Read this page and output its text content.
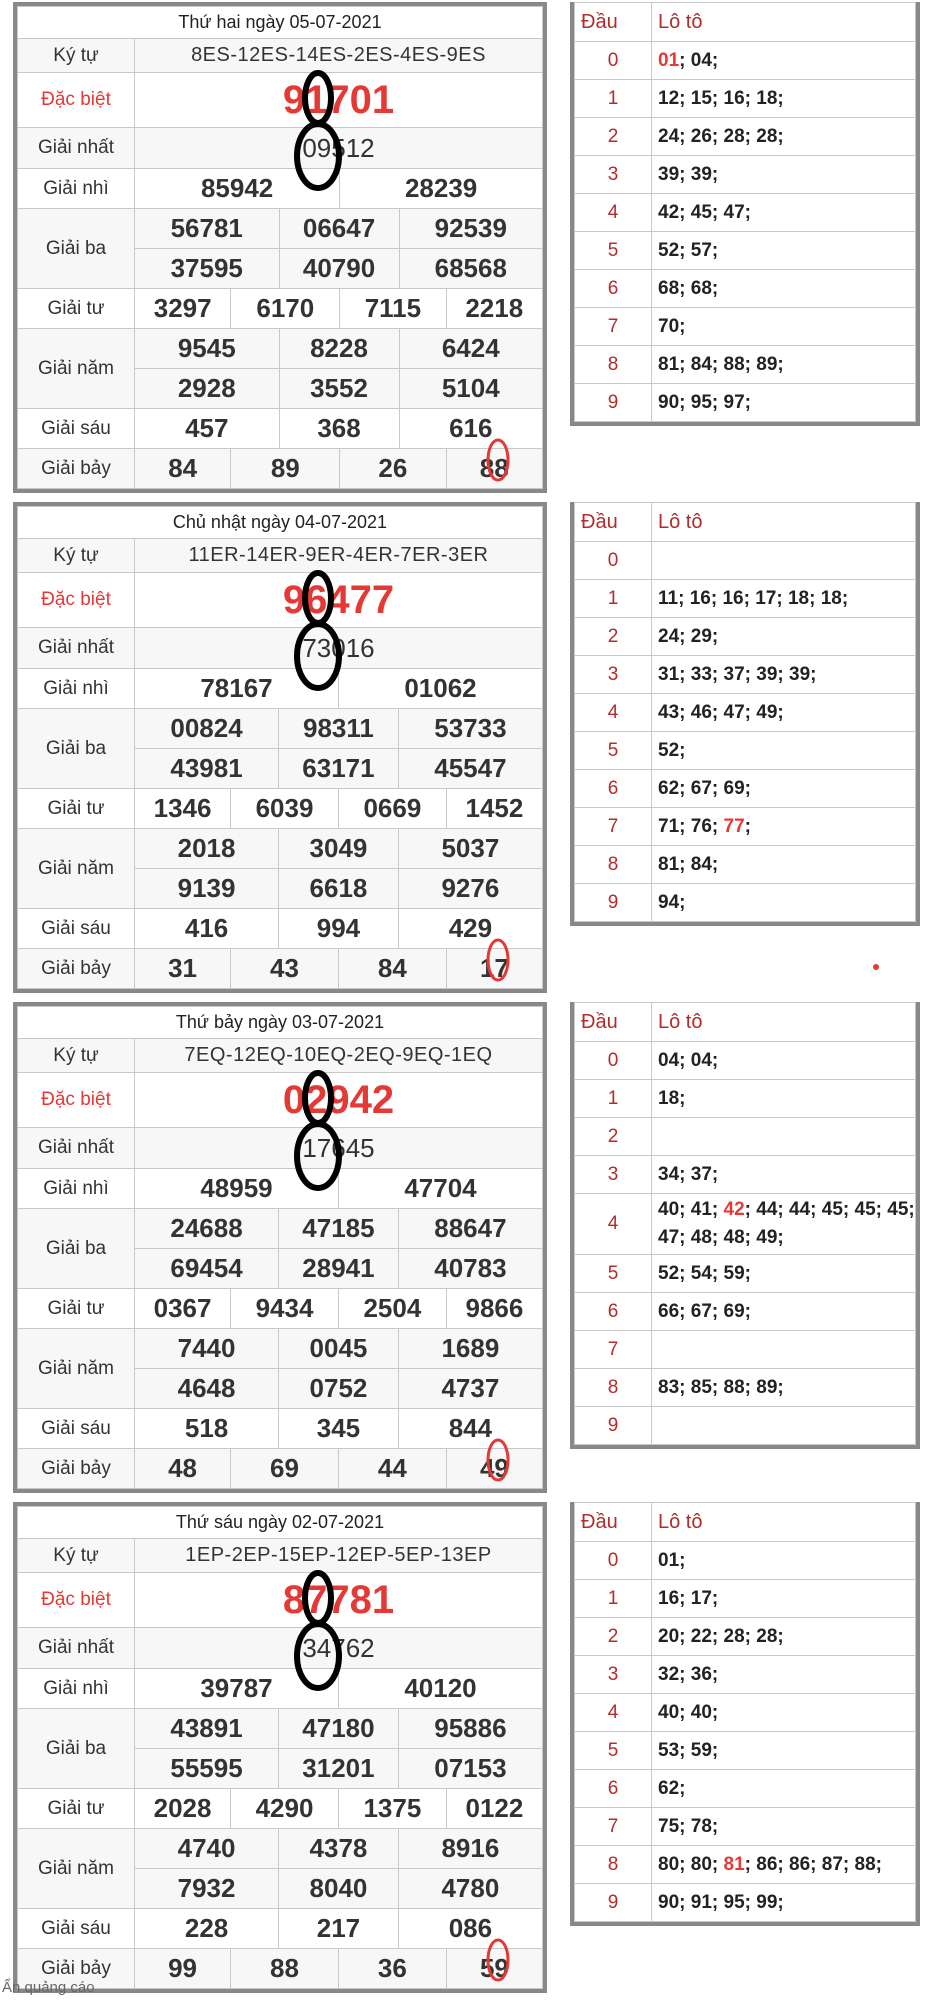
Thứ hai ngày 05-07-2021						
Ký tự	8ES-12ES-14ES-2ES-4ES-9ES					
Đặc biệt	91701					
Giải nhất	09512					
Giải nhì	85942			28239		
Giải ba	56781		06647		92539	
	37595		40790		68568	
Giải tư	3297	6170		7115		2218
Giải năm	9545		8228		6424	
	2928		3552		5104	
Giải sáu	457		368		616	
Giải bảy	84	89		26		88
Đầu	Lô tô
0	01; 04;
1	12; 15; 16; 18;
2	24; 26; 28; 28;
3	39; 39;
4	42; 45; 47;
5	52; 57;
6	68; 68;
7	70;
8	81; 84; 88; 89;
9	90; 95; 97;
Chủ nhật ngày 04-07-2021						
Ký tự	11ER-14ER-9ER-4ER-7ER-3ER					
Đặc biệt	96477					
Giải nhất	73016					
Giải nhì	78167			01062		
Giải ba	00824		98311		53733	
	43981		63171		45547	
Giải tư	1346	6039		0669		1452
Giải năm	2018		3049		5037	
	9139		6618		9276	
Giải sáu	416		994		429	
Giải bảy	31	43		84		17
Đầu	Lô tô
0	
1	11; 16; 16; 17; 18; 18;
2	24; 29;
3	31; 33; 37; 39; 39;
4	43; 46; 47; 49;
5	52;
6	62; 67; 69;
7	71; 76; 77;
8	81; 84;
9	94;
Thứ bảy ngày 03-07-2021						
Ký tự	7EQ-12EQ-10EQ-2EQ-9EQ-1EQ					
Đặc biệt	02942					
Giải nhất	17645					
Giải nhì	48959			47704		
Giải ba	24688		47185		88647	
	69454		28941		40783	
Giải tư	0367	9434		2504		9866
Giải năm	7440		0045		1689	
	4648		0752		4737	
Giải sáu	518		345		844	
Giải bảy	48	69		44		49
Đầu	Lô tô
0	04; 04;
1	18;
2	
3	34; 37;
4	40; 41; 42; 44; 44; 45; 45; 45; 47; 48; 48; 49;
5	52; 54; 59;
6	66; 67; 69;
7	
8	83; 85; 88; 89;
9	
Thứ sáu ngày 02-07-2021						
Ký tự	1EP-2EP-15EP-12EP-5EP-13EP					
Đặc biệt	87781					
Giải nhất	34762					
Giải nhì	39787			40120		
Giải ba	43891		47180		95886	
	55595		31201		07153	
Giải tư	2028	4290		1375		0122
Giải năm	4740		4378		8916	
	7932		8040		4780	
Giải sáu	228		217		086	
Giải bảy	99	88		36		59
Đầu	Lô tô
0	01;
1	16; 17;
2	20; 22; 28; 28;
3	32; 36;
4	40; 40;
5	53; 59;
6	62;
7	75; 78;
8	80; 80; 81; 86; 86; 87; 88;
9	90; 91; 95; 99;
Ẩn quảng cáo
